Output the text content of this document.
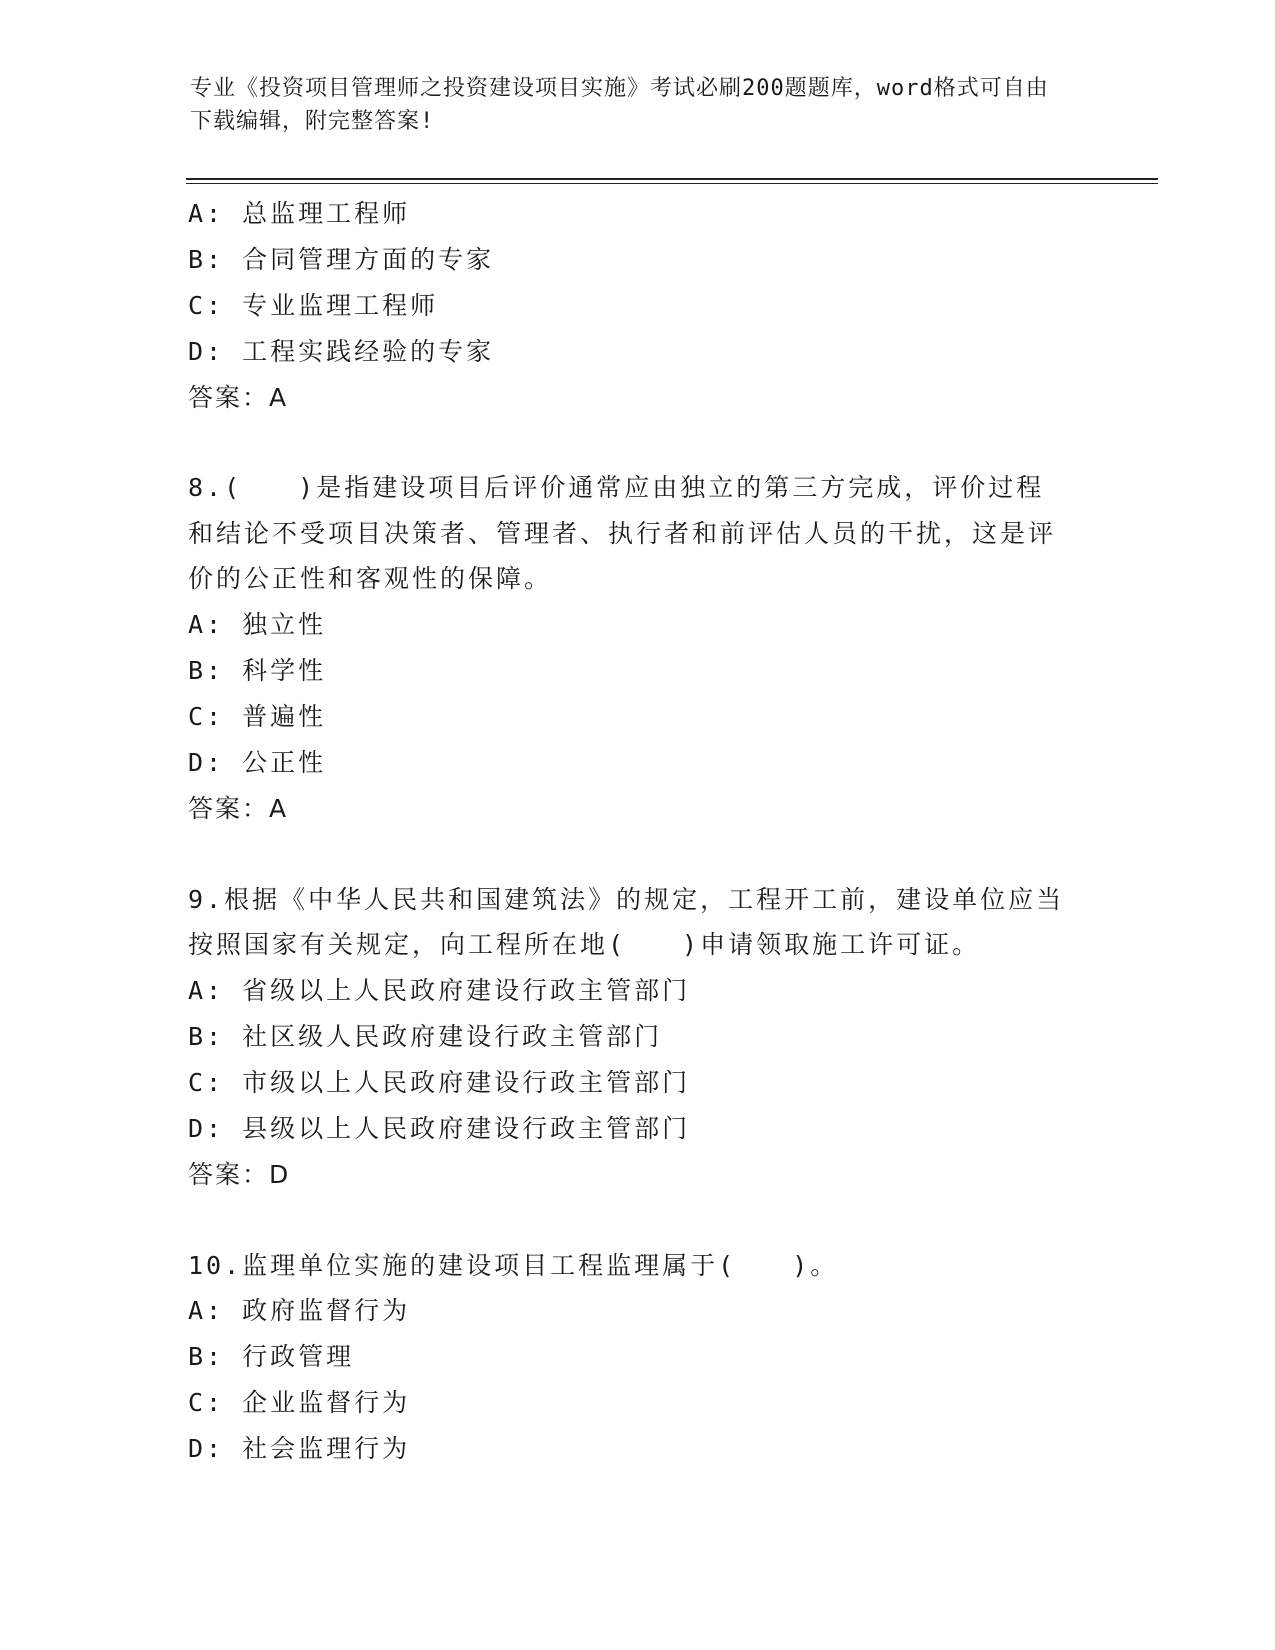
专业《投资项目管理师之投资建设项目实施》考试必刷200题题库，word格式可自由下载编辑，附完整答案!
A: 总监理工程师
B: 合同管理方面的专家
C: 专业监理工程师
D: 工程实践经验的专家
答案：A
8.(　　)是指建设项目后评价通常应由独立的第三方完成，评价过程和结论不受项目决策者、管理者、执行者和前评估人员的干扰，这是评价的公正性和客观性的保障。
A: 独立性
B: 科学性
C: 普遍性
D: 公正性
答案：A
9.根据《中华人民共和国建筑法》的规定，工程开工前，建设单位应当按照国家有关规定，向工程所在地(　　)申请领取施工许可证。
A: 省级以上人民政府建设行政主管部门
B: 社区级人民政府建设行政主管部门
C: 市级以上人民政府建设行政主管部门
D: 县级以上人民政府建设行政主管部门
答案：D
10.监理单位实施的建设项目工程监理属于(　　)。
A: 政府监督行为
B: 行政管理
C: 企业监督行为
D: 社会监理行为
